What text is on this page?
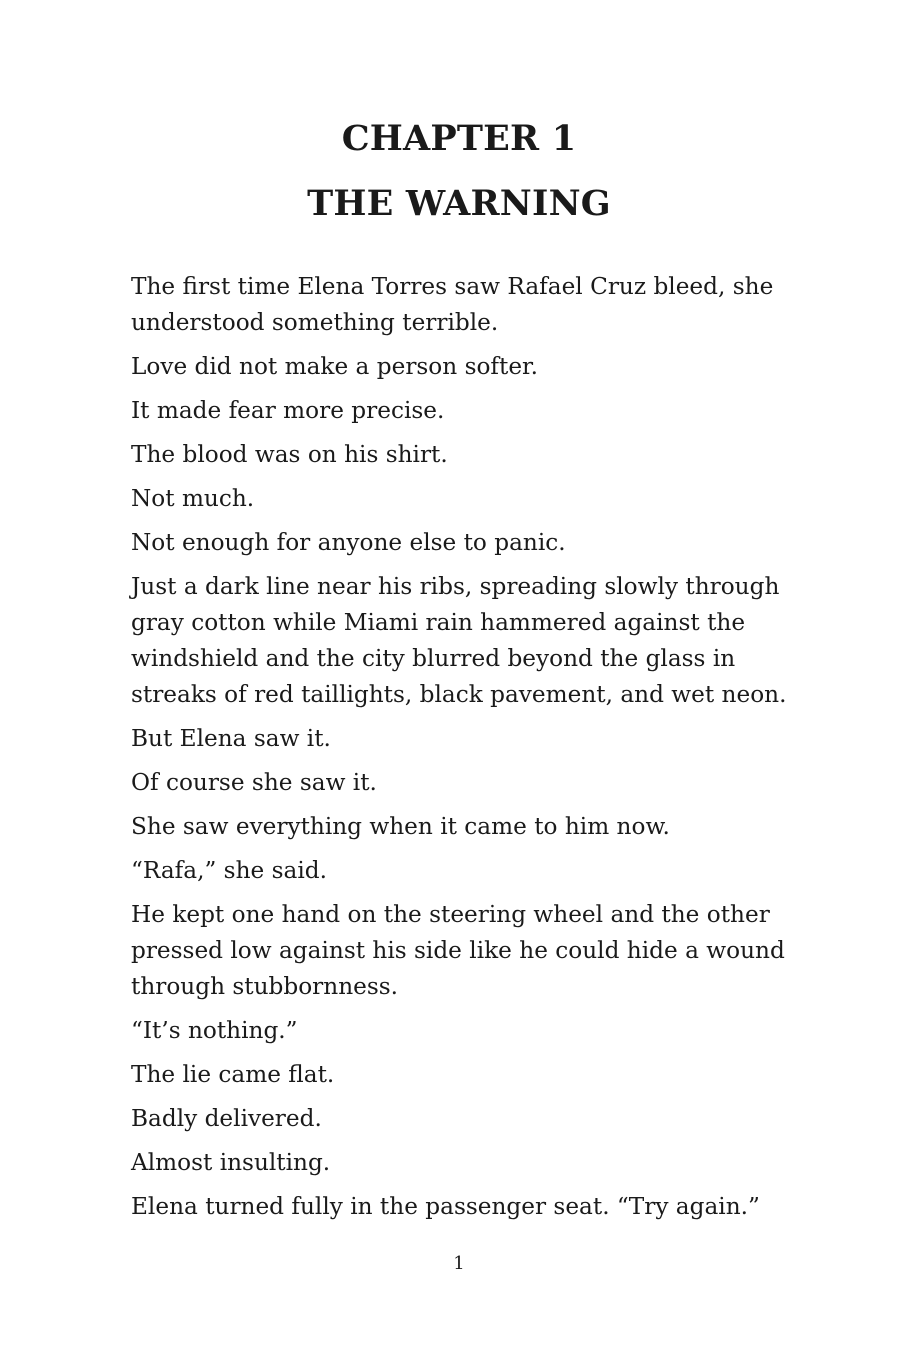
CHAPTER 1
THE WARNING

The first time Elena Torres saw Rafael Cruz bleed, she understood something terrible.

Love did not make a person softer.

It made fear more precise.

The blood was on his shirt.

Not much.

Not enough for anyone else to panic.

Just a dark line near his ribs, spreading slowly through gray cotton while Miami rain hammered against the windshield and the city blurred beyond the glass in streaks of red taillights, black pavement, and wet neon.

But Elena saw it.

Of course she saw it.

She saw everything when it came to him now.

“Rafa,” she said.

He kept one hand on the steering wheel and the other pressed low against his side like he could hide a wound through stubbornness.

“It’s nothing.”

The lie came flat.

Badly delivered.

Almost insulting.

Elena turned fully in the passenger seat. “Try again.”

1
